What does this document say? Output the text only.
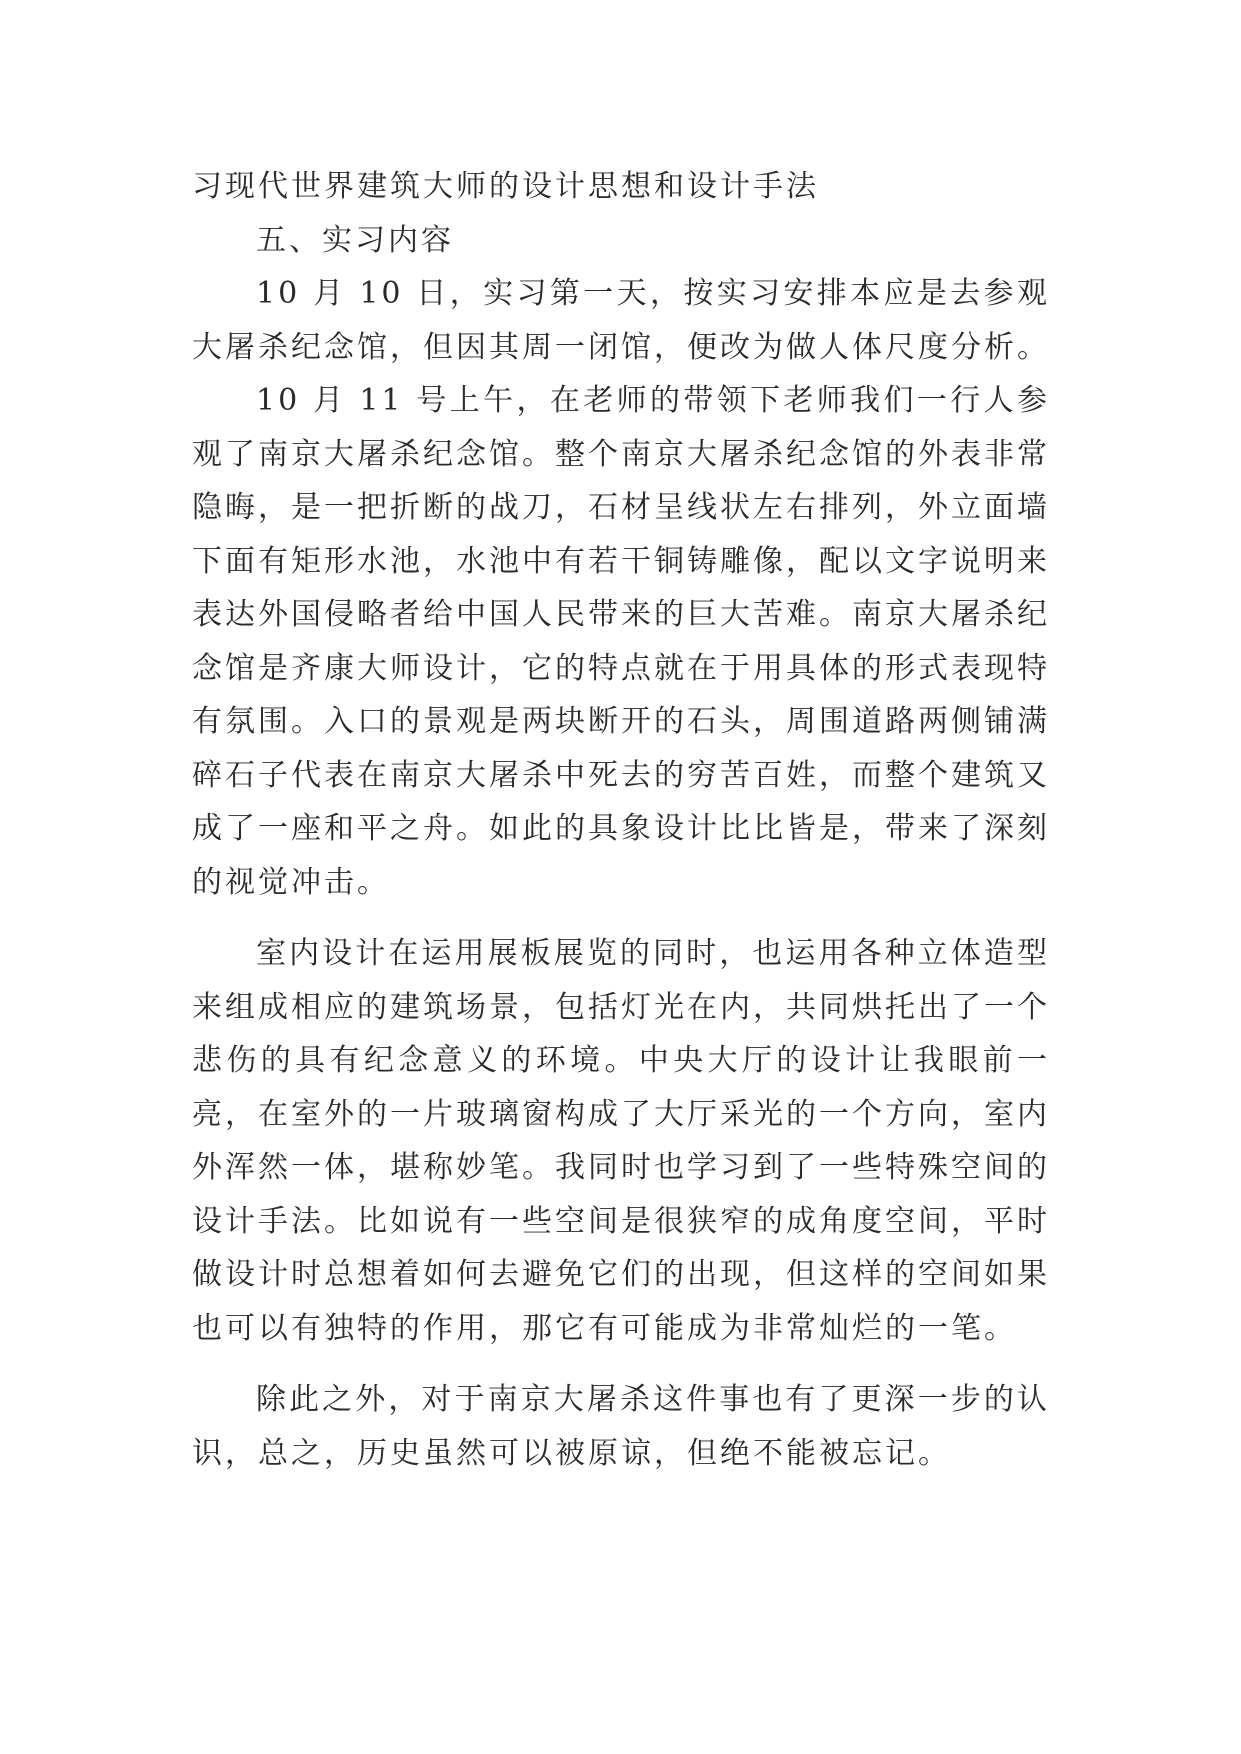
习现代世界建筑大师的设计思想和设计手法

五、实习内容

10 月 10 日，实习第一天，按实习安排本应是去参观大屠杀纪念馆，但因其周一闭馆，便改为做人体尺度分析。

10 月 11 号上午，在老师的带领下老师我们一行人参观了南京大屠杀纪念馆。整个南京大屠杀纪念馆的外表非常隐晦，是一把折断的战刀，石材呈线状左右排列，外立面墙下面有矩形水池，水池中有若干铜铸雕像，配以文字说明来表达外国侵略者给中国人民带来的巨大苦难。南京大屠杀纪念馆是齐康大师设计，它的特点就在于用具体的形式表现特有氛围。入口的景观是两块断开的石头，周围道路两侧铺满碎石子代表在南京大屠杀中死去的穷苦百姓，而整个建筑又成了一座和平之舟。如此的具象设计比比皆是，带来了深刻的视觉冲击。

室内设计在运用展板展览的同时，也运用各种立体造型来组成相应的建筑场景，包括灯光在内，共同烘托出了一个悲伤的具有纪念意义的环境。中央大厅的设计让我眼前一亮，在室外的一片玻璃窗构成了大厅采光的一个方向，室内外浑然一体，堪称妙笔。我同时也学习到了一些特殊空间的设计手法。比如说有一些空间是很狭窄的成角度空间，平时做设计时总想着如何去避免它们的出现，但这样的空间如果也可以有独特的作用，那它有可能成为非常灿烂的一笔。

除此之外，对于南京大屠杀这件事也有了更深一步的认识，总之，历史虽然可以被原谅，但绝不能被忘记。
